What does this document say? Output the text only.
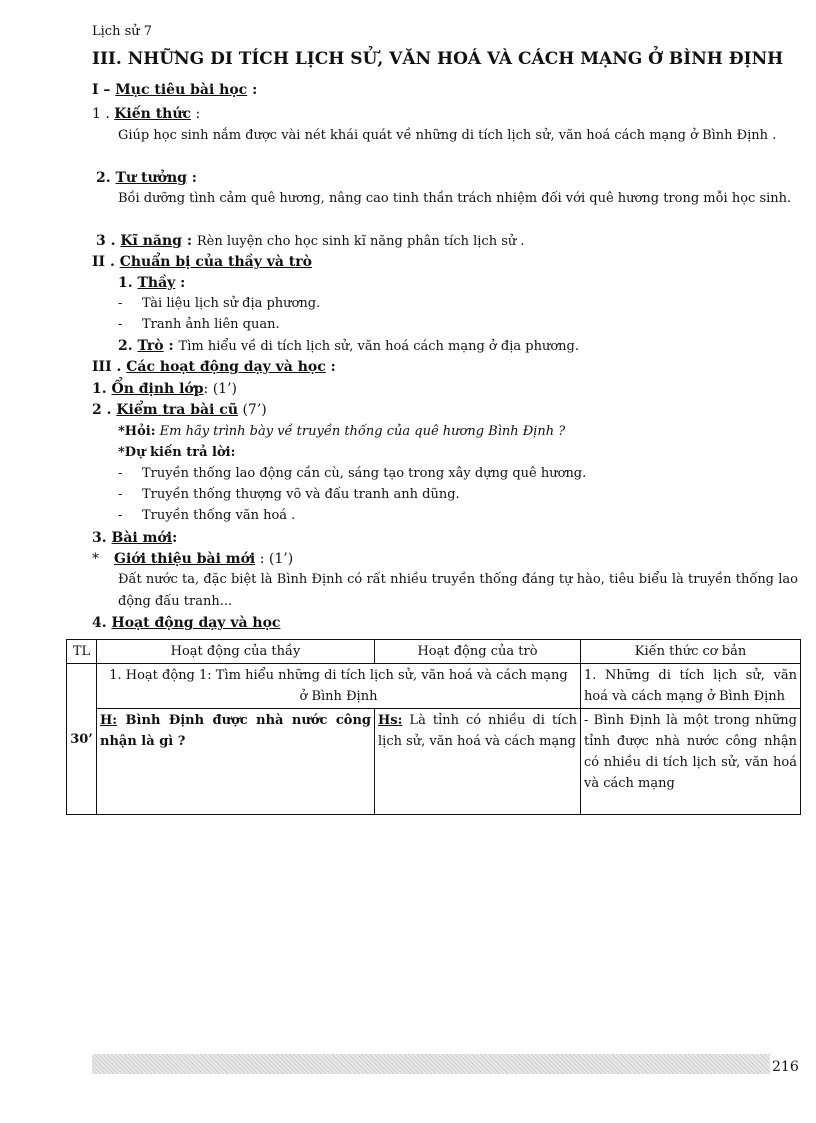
Lịch sử 7
III. NHỮNG DI TÍCH LỊCH SỬ, VĂN HOÁ VÀ CÁCH MẠNG Ở BÌNH ĐỊNH
I – Mục tiêu bài học :
1 . Kiến thức :
Giúp học sinh nắm được vài nét khái quát về những di tích lịch sử, văn hoá cách mạng ở Bình Định .
2. Tư tưởng :
Bồi dưỡng tình cảm quê hương, nâng cao tinh thần trách nhiệm đối với quê hương trong mỗi học sinh.
3 . Kĩ năng : Rèn luyện cho học sinh kĩ năng phân tích lịch sử .
II . Chuẩn bị của thầy và trò
1. Thầy :
- Tài liệu lịch sử địa phương.
- Tranh ảnh liên quan.
2. Trò : Tìm hiểu về di tích lịch sử, văn hoá cách mạng ở địa phương.
III . Các hoạt động dạy và học :
1. Ổn định lớp: (1’)
2 . Kiểm tra bài cũ (7’)
*Hỏi: Em hãy trình bày về truyền thống của quê hương Bình Định ?
*Dự kiến trả lời:
- Truyền thống lao động cần cù, sáng tạo trong xây dựng quê hương.
- Truyền thống thượng võ và đấu tranh anh dũng.
- Truyền thống văn hoá .
3. Bài mới:
*Giới thiệu bài mới : (1’)
Đất nước ta, đặc biệt là Bình Định có rất nhiều truyền thống đáng tự hào, tiêu biểu là truyền thống lao động đấu tranh...
4. Hoạt động dạy và học
TL	Hoạt động của thầy	Hoạt động của trò	Kiến thức cơ bản
30’	1. Hoạt động 1: Tìm hiểu những di tích lịch sử, văn hoá và cách mạng ở Bình Định		1. Những di tích lịch sử, văn hoá và cách mạng ở Bình Định
	H: Bình Định được nhà nước công nhận là gì ?	Hs: Là tỉnh có nhiều di tích lịch sử, văn hoá và cách mạng	- Bình Định là một trong những tỉnh được nhà nước công nhận có nhiều di tích lịch sử, văn hoá và cách mạng
216
